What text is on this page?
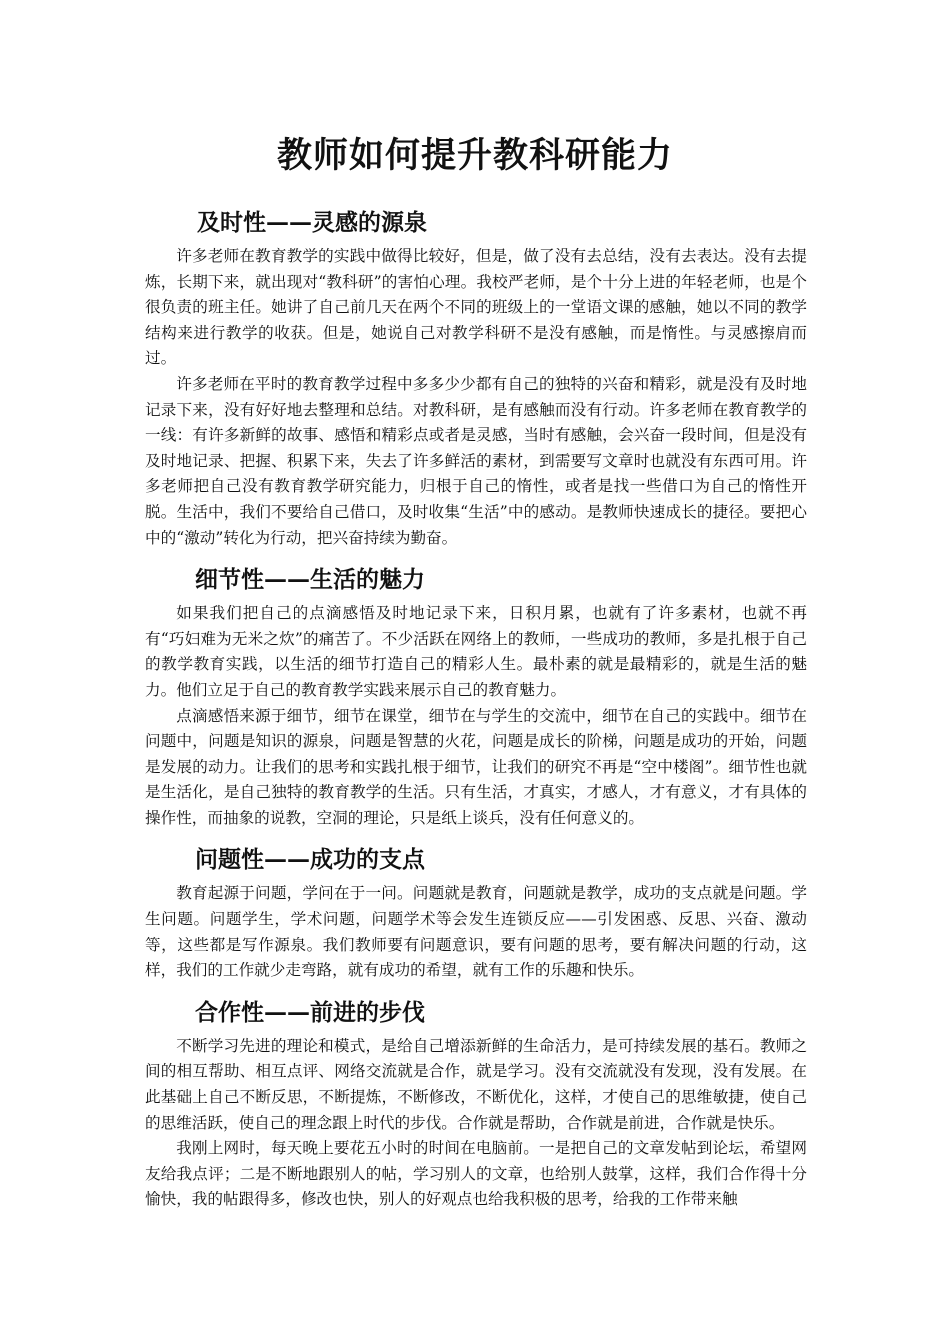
教师如何提升教科研能力
及时性——灵感的源泉

许多老师在教育教学的实践中做得比较好，但是，做了没有去总结，没有去表达。没有去提炼，长期下来，就出现对“教科研”的害怕心理。我校严老师，是个十分上进的年轻老师，也是个很负责的班主任。她讲了自己前几天在两个不同的班级上的一堂语文课的感触，她以不同的教学结构来进行教学的收获。但是，她说自己对教学科研不是没有感触，而是惰性。与灵感擦肩而过。

许多老师在平时的教育教学过程中多多少少都有自己的独特的兴奋和精彩，就是没有及时地记录下来，没有好好地去整理和总结。对教科研，是有感触而没有行动。许多老师在教育教学的一线：有许多新鲜的故事、感悟和精彩点或者是灵感，当时有感触，会兴奋一段时间，但是没有及时地记录、把握、积累下来，失去了许多鲜活的素材，到需要写文章时也就没有东西可用。许多老师把自己没有教育教学研究能力，归根于自己的惰性，或者是找一些借口为自己的惰性开脱。生活中，我们不要给自己借口，及时收集“生活”中的感动。是教师快速成长的捷径。要把心中的“激动”转化为行动，把兴奋持续为勤奋。

细节性——生活的魅力

如果我们把自己的点滴感悟及时地记录下来，日积月累，也就有了许多素材，也就不再有“巧妇难为无米之炊”的痛苦了。不少活跃在网络上的教师，一些成功的教师，多是扎根于自己的教学教育实践，以生活的细节打造自己的精彩人生。最朴素的就是最精彩的，就是生活的魅力。他们立足于自己的教育教学实践来展示自己的教育魅力。

点滴感悟来源于细节，细节在课堂，细节在与学生的交流中，细节在自己的实践中。细节在问题中，问题是知识的源泉，问题是智慧的火花，问题是成长的阶梯，问题是成功的开始，问题是发展的动力。让我们的思考和实践扎根于细节，让我们的研究不再是“空中楼阁”。细节性也就是生活化，是自己独特的教育教学的生活。只有生活，才真实，才感人，才有意义，才有具体的操作性，而抽象的说教，空洞的理论，只是纸上谈兵，没有任何意义的。

问题性——成功的支点

教育起源于问题，学问在于一问。问题就是教育，问题就是教学，成功的支点就是问题。学生问题。问题学生，学术问题，问题学术等会发生连锁反应——引发困惑、反思、兴奋、激动等，这些都是写作源泉。我们教师要有问题意识，要有问题的思考，要有解决问题的行动，这样，我们的工作就少走弯路，就有成功的希望，就有工作的乐趣和快乐。

合作性——前进的步伐

不断学习先进的理论和模式，是给自己增添新鲜的生命活力，是可持续发展的基石。教师之间的相互帮助、相互点评、网络交流就是合作，就是学习。没有交流就没有发现，没有发展。在此基础上自己不断反思，不断提炼，不断修改，不断优化，这样，才使自己的思维敏捷，使自己的思维活跃，使自己的理念跟上时代的步伐。合作就是帮助，合作就是前进，合作就是快乐。

我刚上网时，每天晚上要花五小时的时间在电脑前。一是把自己的文章发帖到论坛，希望网友给我点评；二是不断地跟别人的帖，学习别人的文章，也给别人鼓掌，这样，我们合作得十分愉快，我的帖跟得多，修改也快，别人的好观点也给我积极的思考，给我的工作带来触
